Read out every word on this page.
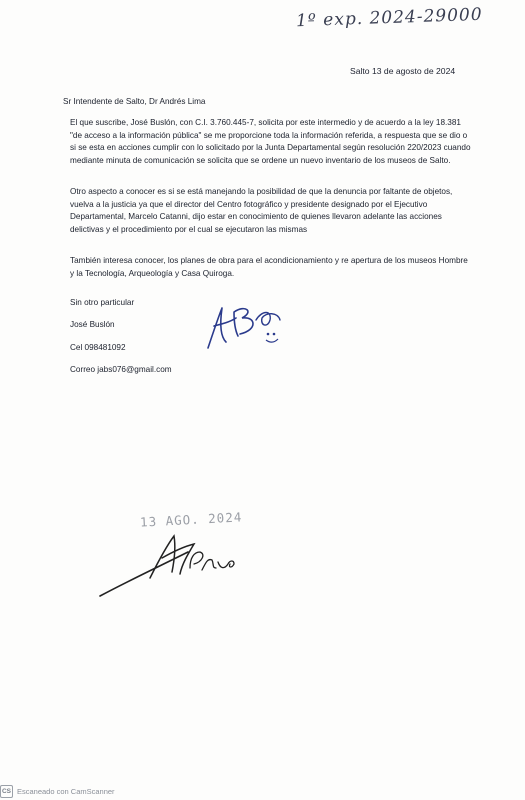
1º exp. 2024-29000
Salto 13 de agosto de 2024

Sr Intendente de Salto, Dr Andrés Lima

El que suscribe, José Buslón, con C.I. 3.760.445-7, solicita por este intermedio y de acuerdo a la ley 18.381 "de acceso a la información pública" se me proporcione toda la información referida, a respuesta que se dio o si se esta en acciones cumplir con lo solicitado por la Junta Departamental según resolución 220/2023 cuando mediante minuta de comunicación se solicita que se ordene un nuevo inventario de los museos de Salto.

Otro aspecto a conocer es si se está manejando la posibilidad de que la denuncia por faltante de objetos, vuelva a la justicia ya que el director del Centro fotográfico y presidente designado por el Ejecutivo Departamental, Marcelo Catanni, dijo estar en conocimiento de quienes llevaron adelante las acciones delictivas y el procedimiento por el cual se ejecutaron las mismas

También interesa conocer, los planes de obra para el acondicionamiento y re apertura de los museos Hombre y la Tecnología, Arqueología y Casa Quiroga.

Sin otro particular

José Buslón

Cel 098481092

Correo jabs076@gmail.com

13 AGO. 2024
CS Escaneado con CamScanner
